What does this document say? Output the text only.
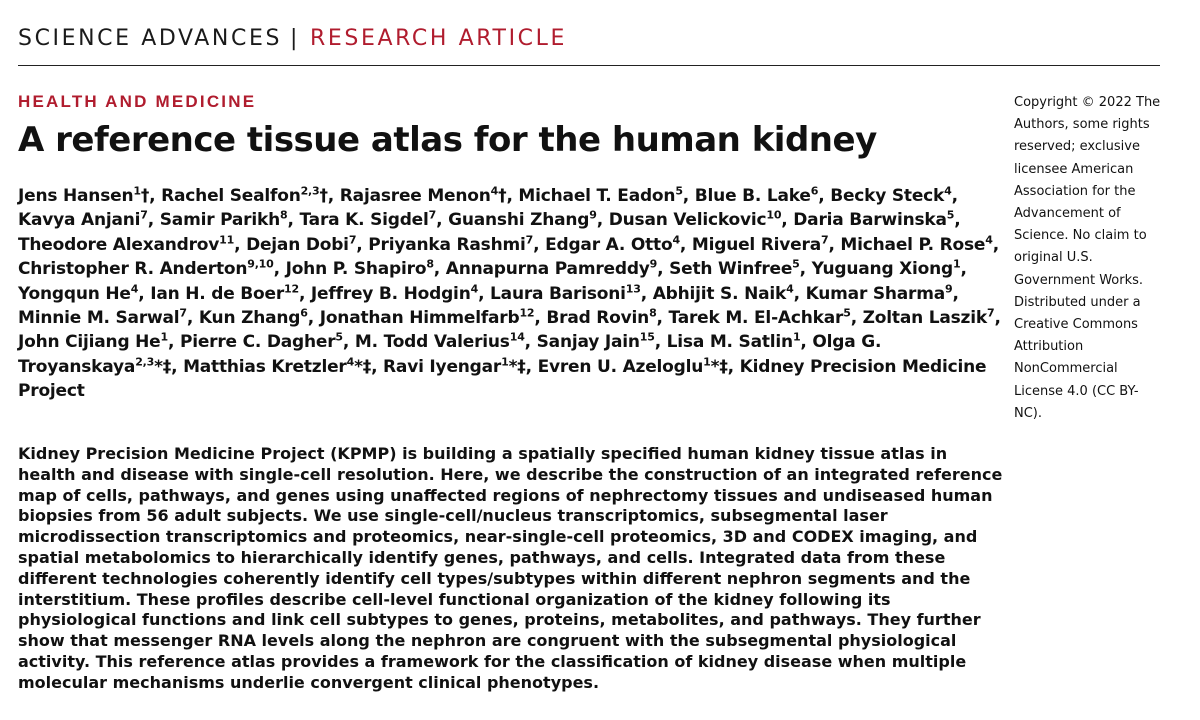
SCIENCE ADVANCES | RESEARCH ARTICLE
HEALTH AND MEDICINE
A reference tissue atlas for the human kidney

Jens Hansen$^1$†, Rachel Sealfon$^{2,3}$†, Rajasree Menon$^4$†, Michael T. Eadon$^5$, Blue B. Lake$^6$, Becky Steck$^4$, Kavya Anjani$^7$, Samir Parikh$^8$, Tara K. Sigdel$^7$, Guanshi Zhang$^9$, Dusan Velickovic$^{10}$, Daria Barwinska$^5$, Theodore Alexandrov$^{11}$, Dejan Dobi$^7$, Priyanka Rashmi$^7$, Edgar A. Otto$^4$, Miguel Rivera$^7$, Michael P. Rose$^4$, Christopher R. Anderton$^{9,10}$, John P. Shapiro$^8$, Annapurna Pamreddy$^9$, Seth Winfree$^5$, Yuguang Xiong$^1$, Yongqun He$^4$, Ian H. de Boer$^{12}$, Jeffrey B. Hodgin$^4$, Laura Barisoni$^{13}$, Abhijit S. Naik$^4$, Kumar Sharma$^9$, Minnie M. Sarwal$^7$, Kun Zhang$^6$, Jonathan Himmelfarb$^{12}$, Brad Rovin$^8$, Tarek M. El-Achkar$^5$, Zoltan Laszik$^7$, John Cijiang He$^1$, Pierre C. Dagher$^5$, M. Todd Valerius$^{14}$, Sanjay Jain$^{15}$, Lisa M. Satlin$^1$, Olga G. Troyanskaya$^{2,3}$*‡, Matthias Kretzler$^4$*‡, Ravi Iyengar$^1$*‡, Evren U. Azeloglu$^1$*‡, Kidney Precision Medicine Project

Kidney Precision Medicine Project (KPMP) is building a spatially specified human kidney tissue atlas in health and disease with single-cell resolution. Here, we describe the construction of an integrated reference map of cells, pathways, and genes using unaffected regions of nephrectomy tissues and undiseased human biopsies from 56 adult subjects. We use single-cell/nucleus transcriptomics, subsegmental laser microdissection transcriptomics and proteomics, near-single-cell proteomics, 3D and CODEX imaging, and spatial metabolomics to hierarchically identify genes, pathways, and cells. Integrated data from these different technologies coherently identify cell types/subtypes within different nephron segments and the interstitium. These profiles describe cell-level functional organization of the kidney following its physiological functions and link cell subtypes to genes, proteins, metabolites, and pathways. They further show that messenger RNA levels along the nephron are congruent with the subsegmental physiological activity. This reference atlas provides a framework for the classification of kidney disease when multiple molecular mechanisms underlie convergent clinical phenotypes.

Copyright © 2022 The Authors, some rights reserved; exclusive licensee American Association for the Advancement of Science. No claim to original U.S. Government Works. Distributed under a Creative Commons Attribution NonCommercial License 4.0 (CC BY-NC).
